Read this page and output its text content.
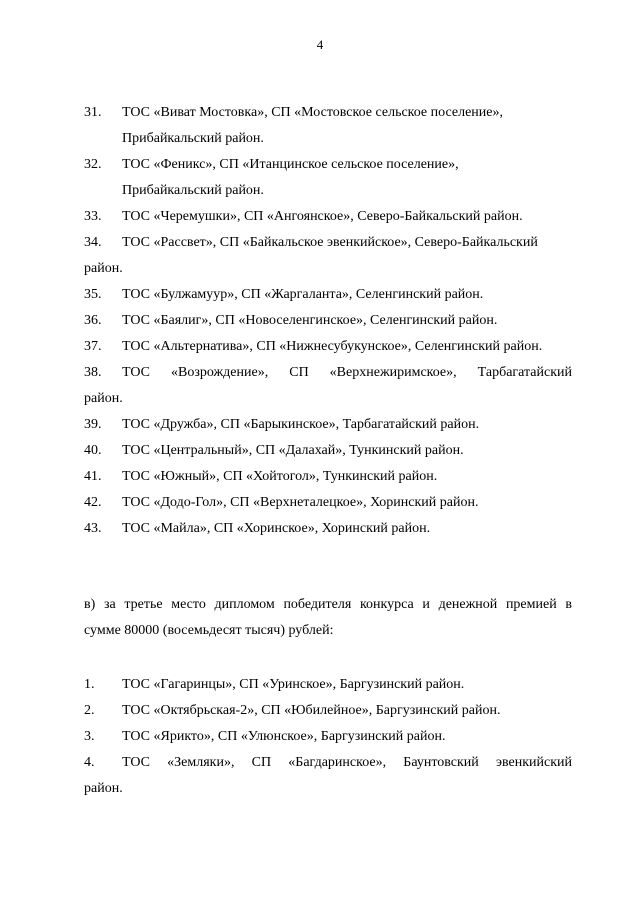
4
31. ТОС «Виват Мостовка», СП «Мостовское сельское поселение»,
Прибайкальский район.
32. ТОС «Феникс», СП «Итанцинское сельское поселение»,
Прибайкальский район.
33. ТОС «Черемушки», СП «Ангоянское», Северо-Байкальский район.
34. ТОС «Рассвет», СП «Байкальское эвенкийское», Северо-Байкальский
район.
35. ТОС «Булжамуур», СП «Жаргаланта», Селенгинский район.
36. ТОС «Баялиг», СП «Новоселенгинское», Селенгинский район.
37. ТОС «Альтернатива», СП «Нижнесубукунское», Селенгинский район.
38. ТОС «Возрождение», СП «Верхнежиримское», Тарбагатайский
район.
39. ТОС «Дружба», СП «Барыкинское», Тарбагатайский район.
40. ТОС «Центральный», СП «Далахай», Тункинский район.
41. ТОС «Южный», СП «Хойтогол», Тункинский район.
42. ТОС «Додо-Гол», СП «Верхнеталецкое», Хоринский район.
43. ТОС «Майла», СП «Хоринское», Хоринский район.
в) за третье место дипломом победителя конкурса и денежной премией в
сумме 80000 (восемьдесят тысяч) рублей:
1. ТОС «Гагаринцы», СП «Уринское», Баргузинский район.
2. ТОС «Октябрьская-2», СП «Юбилейное», Баргузинский район.
3. ТОС «Ярикто», СП «Улюнское», Баргузинский район.
4. ТОС «Земляки», СП «Багдаринское», Баунтовский эвенкийский
район.
